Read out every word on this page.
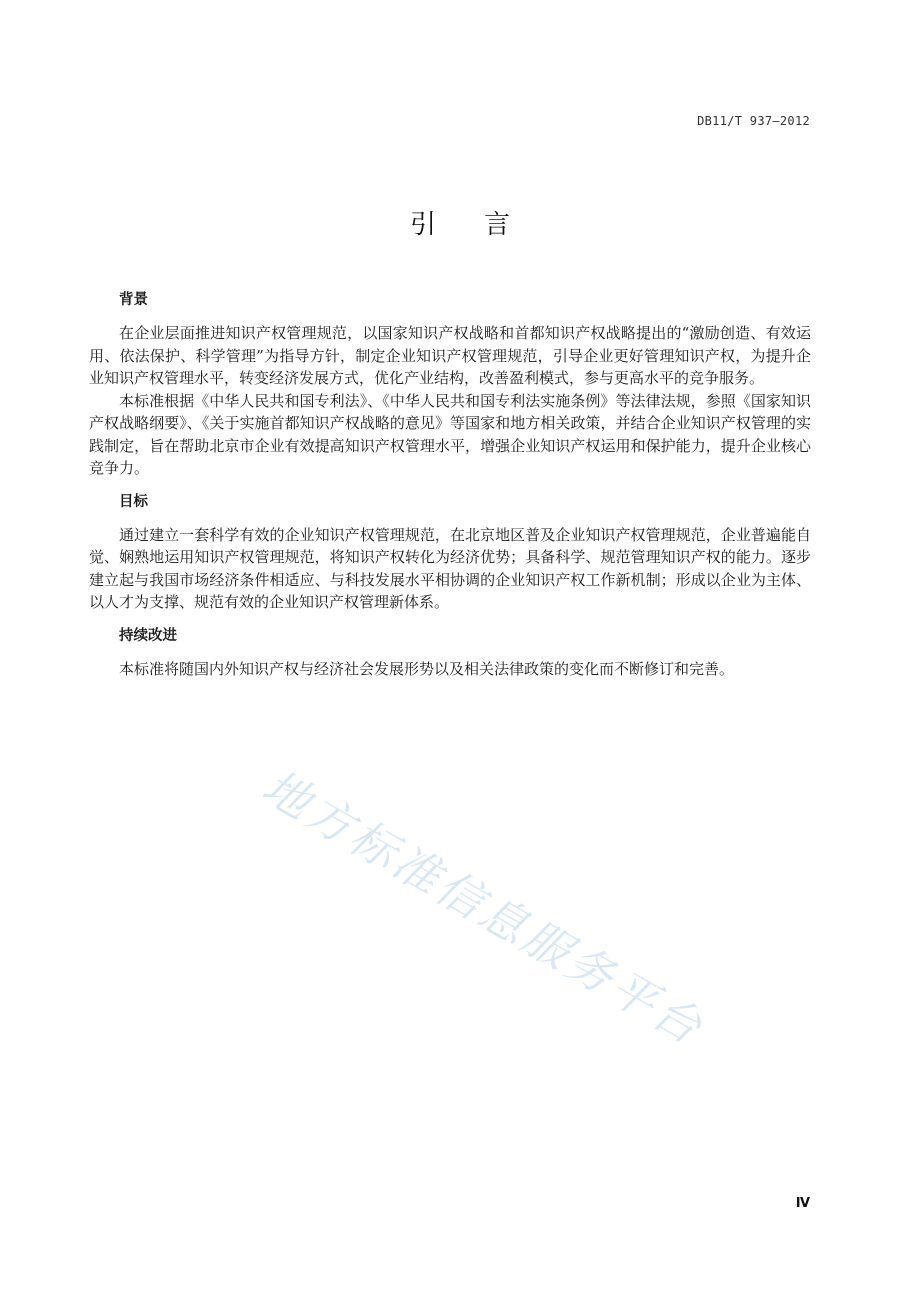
DB11/T 937—2012
引言
背景

在企业层面推进知识产权管理规范，以国家知识产权战略和首都知识产权战略提出的“激励创造、有效运用、依法保护、科学管理”为指导方针，制定企业知识产权管理规范，引导企业更好管理知识产权，为提升企业知识产权管理水平，转变经济发展方式，优化产业结构，改善盈利模式，参与更高水平的竞争服务。

本标准根据《中华人民共和国专利法》、《中华人民共和国专利法实施条例》等法律法规，参照《国家知识产权战略纲要》、《关于实施首都知识产权战略的意见》等国家和地方相关政策，并结合企业知识产权管理的实践制定，旨在帮助北京市企业有效提高知识产权管理水平，增强企业知识产权运用和保护能力，提升企业核心竞争力。

目标

通过建立一套科学有效的企业知识产权管理规范，在北京地区普及企业知识产权管理规范，企业普遍能自觉、娴熟地运用知识产权管理规范，将知识产权转化为经济优势；具备科学、规范管理知识产权的能力。逐步建立起与我国市场经济条件相适应、与科技发展水平相协调的企业知识产权工作新机制；形成以企业为主体、以人才为支撑、规范有效的企业知识产权管理新体系。

持续改进

本标准将随国内外知识产权与经济社会发展形势以及相关法律政策的变化而不断修订和完善。

地方标准信息服务平台
Ⅳ
